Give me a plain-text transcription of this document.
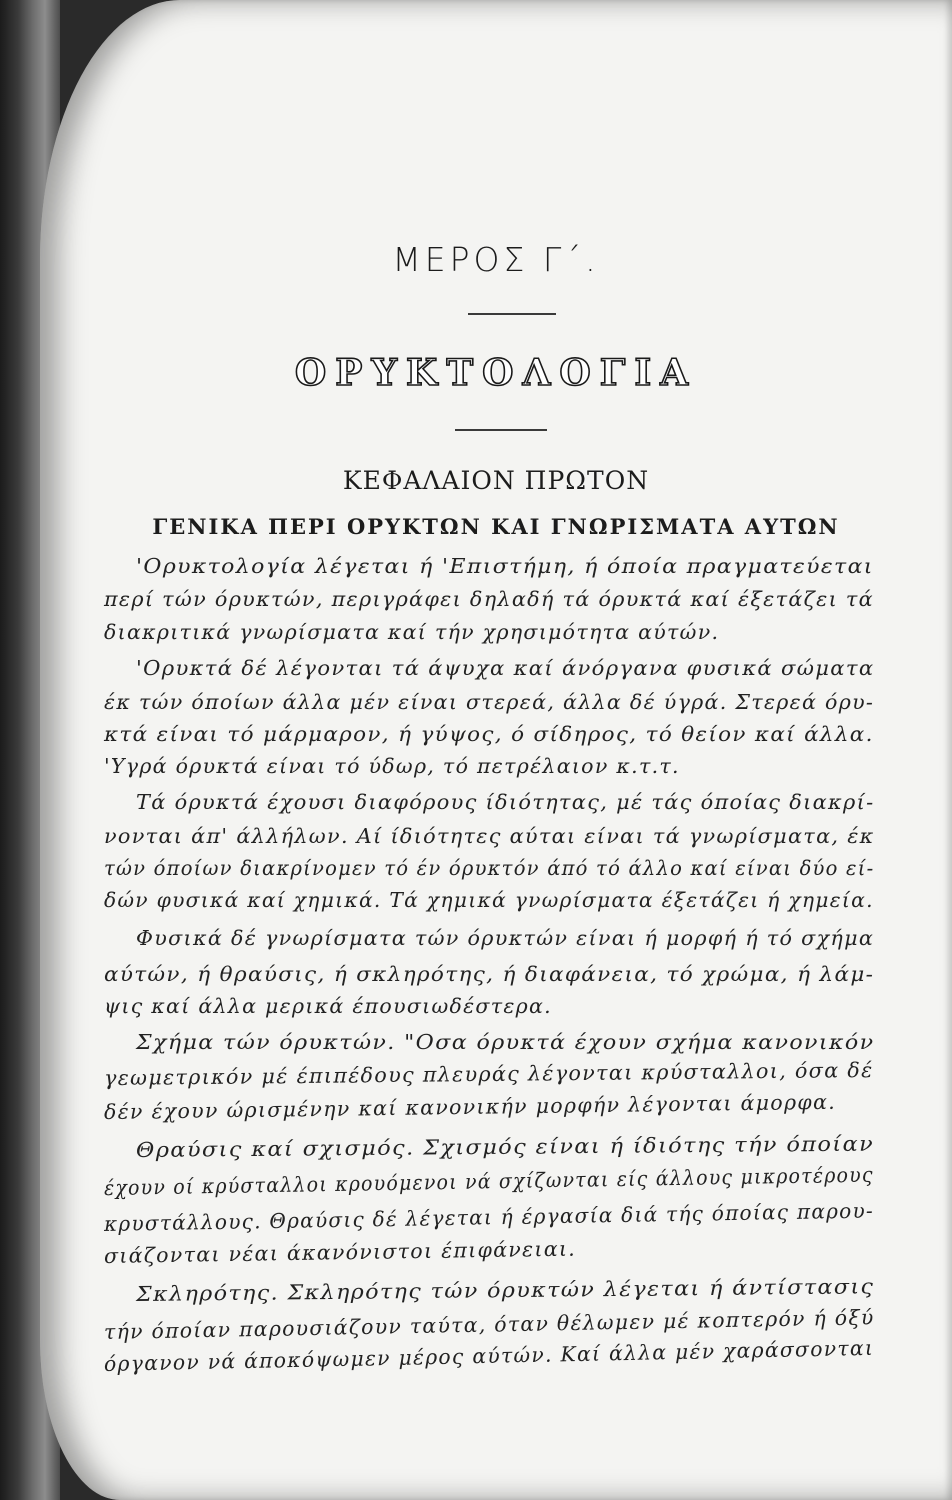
ΜΕΡΟΣ Γ΄.
ΟΡΥΚΤΟΛΟΓΙΑ
ΚΕΦΑΛΑΙΟΝ ΠΡΩΤΟΝ
ΓΕΝΙΚΑ ΠΕΡΙ ΟΡΥΚΤΩΝ ΚΑΙ ΓΝΩΡΙΣΜΑΤΑ ΑΥΤΩΝ
'Ορυκτολογία λέγεται ή 'Επιστήμη, ή όποία πραγματεύεται
περί τών όρυκτών, περιγράφει δηλαδή τά όρυκτά καί έξετάζει τά
διακριτικά γνωρίσματα καί τήν χρησιμότητα αύτών.
'Ορυκτά δέ λέγονται τά άψυχα καί άνόργανα φυσικά σώματα
έκ τών όποίων άλλα μέν είναι στερεά, άλλα δέ ύγρά. Στερεά όρυ-
κτά είναι τό μάρμαρον, ή γύψος, ό σίδηρος, τό θείον καί άλλα.
'Υγρά όρυκτά είναι τό ύδωρ, τό πετρέλαιον κ.τ.τ.
Τά όρυκτά έχουσι διαφόρους ίδιότητας, μέ τάς όποίας διακρί-
νονται άπ' άλλήλων. Αί ίδιότητες αύται είναι τά γνωρίσματα, έκ
τών όποίων διακρίνομεν τό έν όρυκτόν άπό τό άλλο καί είναι δύο εί-
δών φυσικά καί χημικά. Τά χημικά γνωρίσματα έξετάζει ή χημεία.
Φυσικά δέ γνωρίσματα τών όρυκτών είναι ή μορφή ή τό σχήμα
αύτών, ή θραύσις, ή σκληρότης, ή διαφάνεια, τό χρώμα, ή λάμ-
ψις καί άλλα μερικά έπουσιωδέστερα.
Σχήμα τών όρυκτών. "Οσα όρυκτά έχουν σχήμα κανονικόν
γεωμετρικόν μέ έπιπέδους πλευράς λέγονται κρύσταλλοι, όσα δέ
δέν έχουν ώρισμένην καί κανονικήν μορφήν λέγονται άμορφα.
Θραύσις καί σχισμός. Σχισμός είναι ή ίδιότης τήν όποίαν
έχουν οί κρύσταλλοι κρουόμενοι νά σχίζωνται είς άλλους μικροτέρους
κρυστάλλους. Θραύσις δέ λέγεται ή έργασία διά τής όποίας παρου-
σιάζονται νέαι άκανόνιστοι έπιφάνειαι.
Σκληρότης. Σκληρότης τών όρυκτών λέγεται ή άντίστασις
τήν όποίαν παρουσιάζουν ταύτα, όταν θέλωμεν μέ κοπτερόν ή όξύ
όργανον νά άποκόψωμεν μέρος αύτών. Καί άλλα μέν χαράσσονται
